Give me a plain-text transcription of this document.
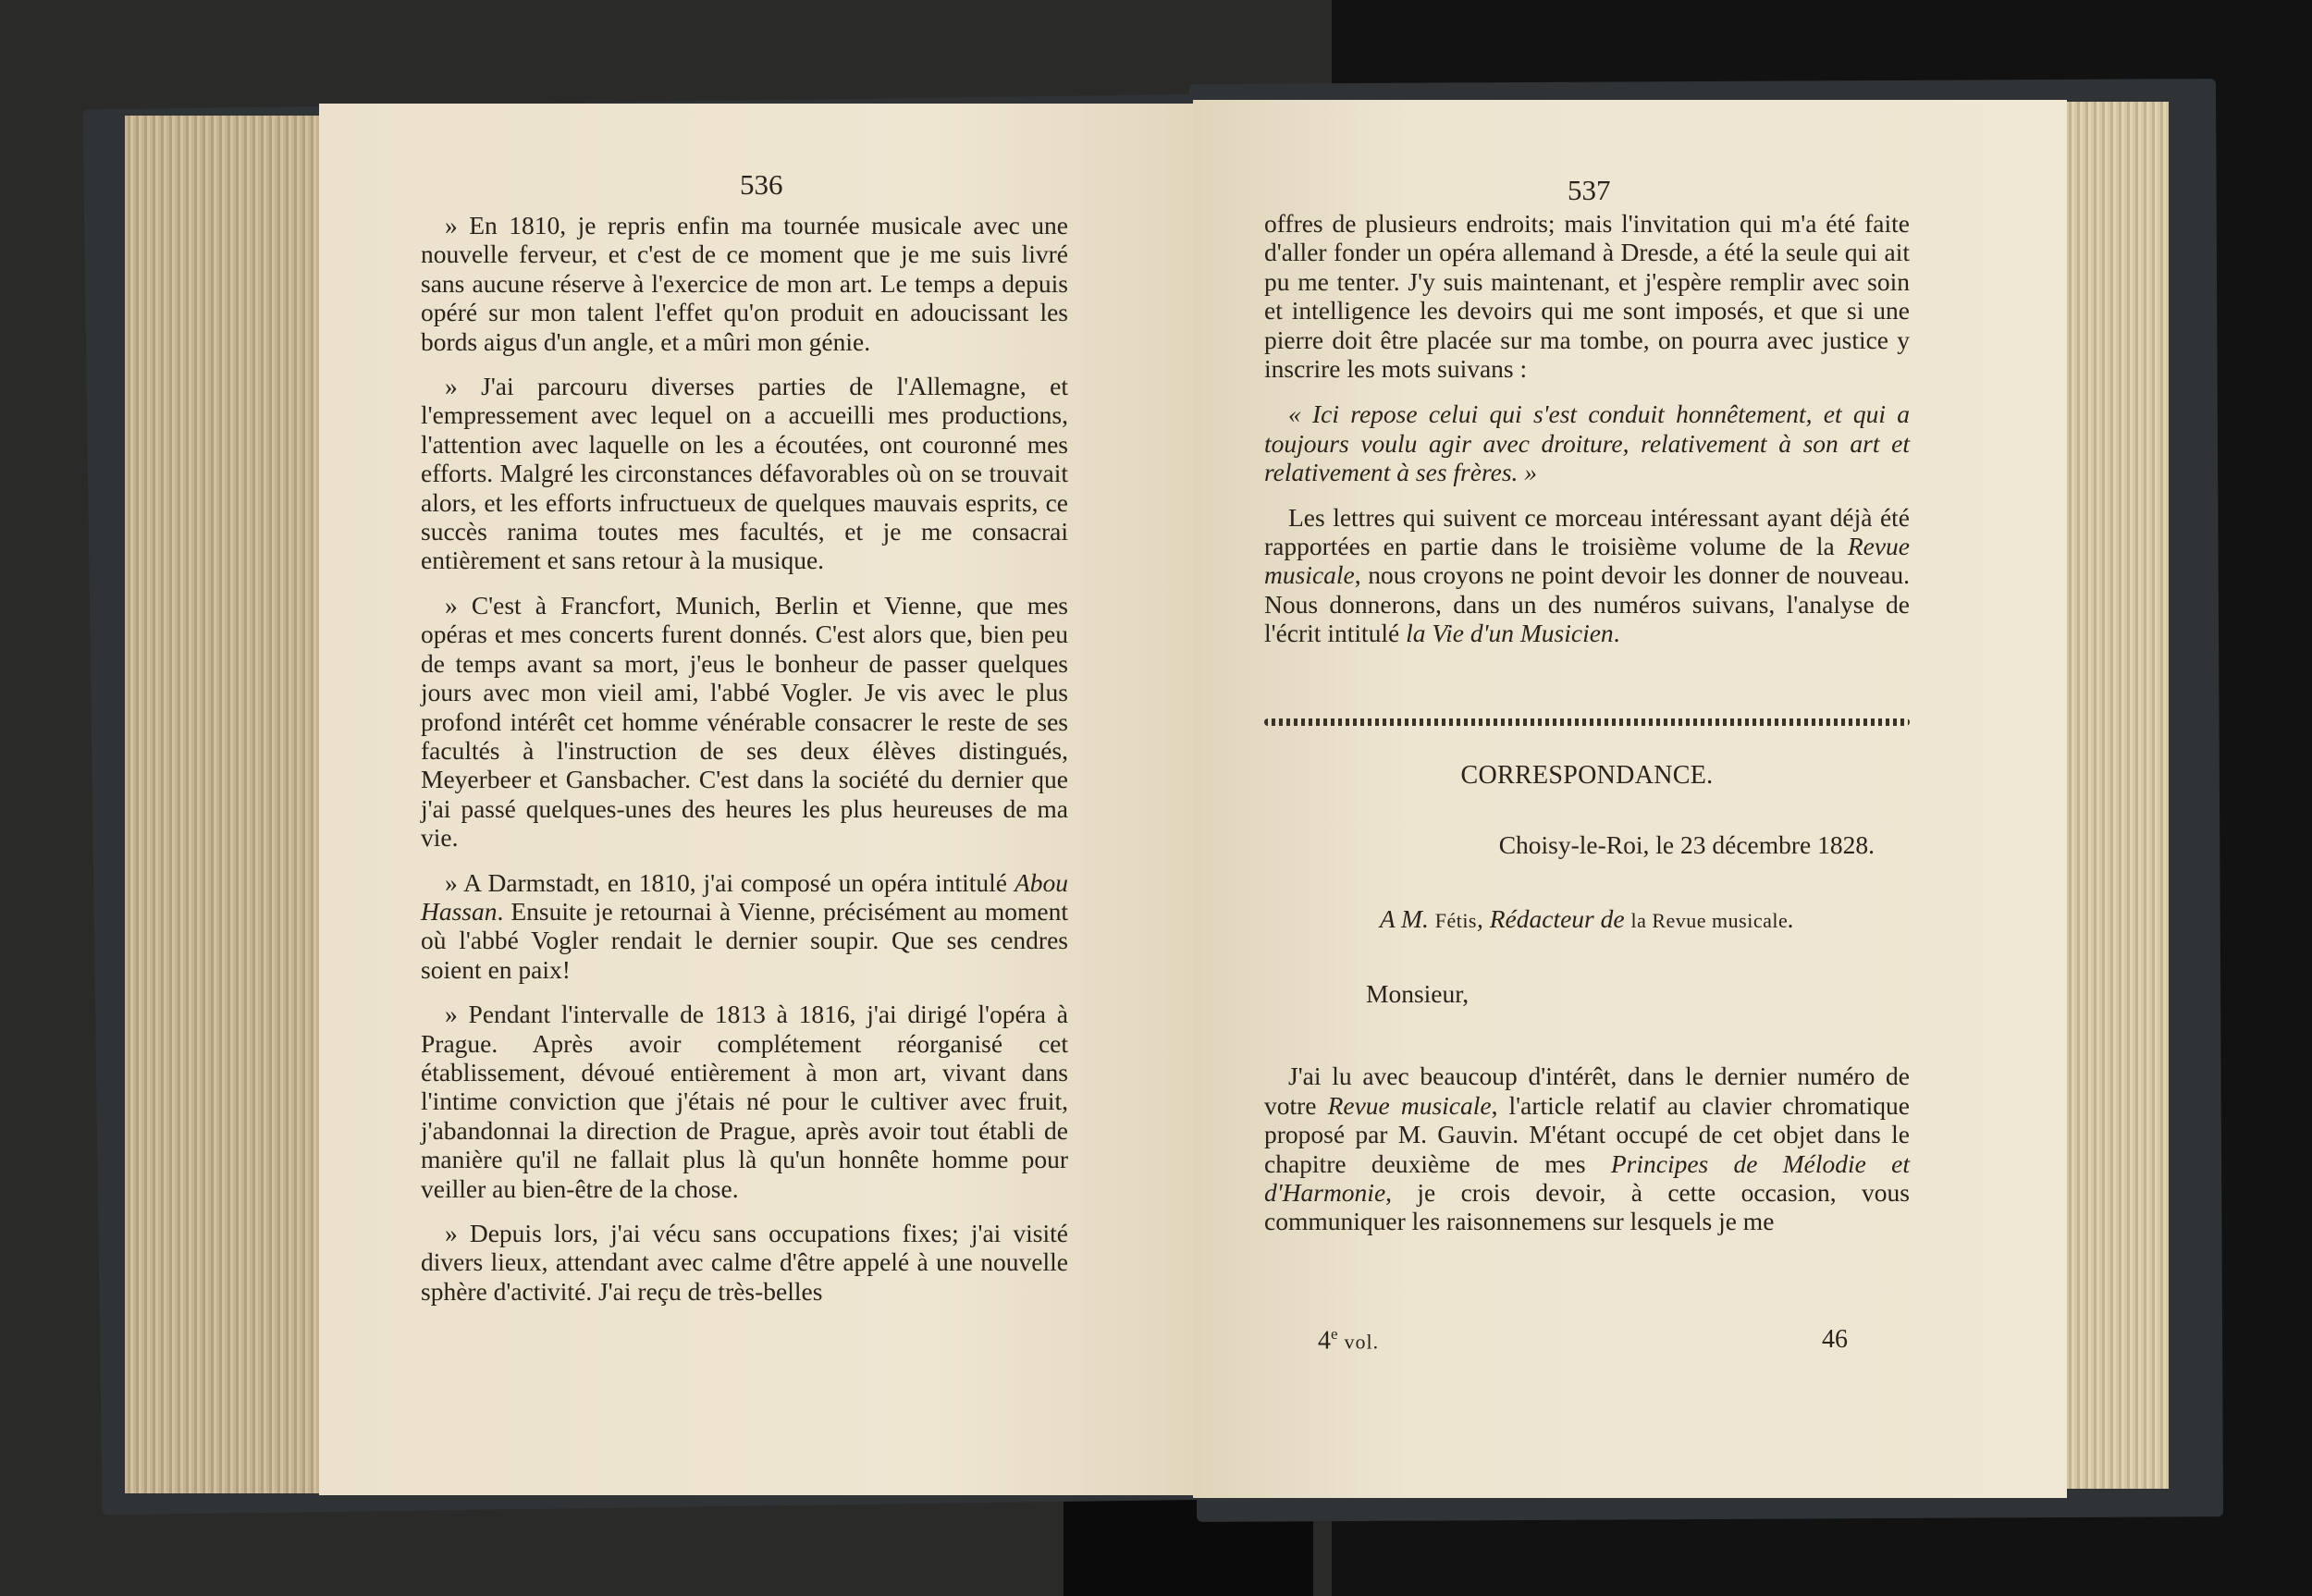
536

» En 1810, je repris enfin ma tournée musicale avec une nouvelle ferveur, et c'est de ce moment que je me suis livré sans aucune réserve à l'exercice de mon art. Le temps a depuis opéré sur mon talent l'effet qu'on produit en adoucissant les bords aigus d'un angle, et a mûri mon génie.

» J'ai parcouru diverses parties de l'Allemagne, et l'empressement avec lequel on a accueilli mes productions, l'attention avec laquelle on les a écoutées, ont couronné mes efforts. Malgré les circonstances défavorables où on se trouvait alors, et les efforts infructueux de quelques mauvais esprits, ce succès ranima toutes mes facultés, et je me consacrai entièrement et sans retour à la musique.

» C'est à Francfort, Munich, Berlin et Vienne, que mes opéras et mes concerts furent donnés. C'est alors que, bien peu de temps avant sa mort, j'eus le bonheur de passer quelques jours avec mon vieil ami, l'abbé Vogler. Je vis avec le plus profond intérêt cet homme vénérable consacrer le reste de ses facultés à l'instruction de ses deux élèves distingués, Meyerbeer et Gansbacher. C'est dans la société du dernier que j'ai passé quelques-unes des heures les plus heureuses de ma vie.

» A Darmstadt, en 1810, j'ai composé un opéra intitulé Abou Hassan. Ensuite je retournai à Vienne, précisément au moment où l'abbé Vogler rendait le dernier soupir. Que ses cendres soient en paix!

» Pendant l'intervalle de 1813 à 1816, j'ai dirigé l'opéra à Prague. Après avoir complétement réorganisé cet établissement, dévoué entièrement à mon art, vivant dans l'intime conviction que j'étais né pour le cultiver avec fruit, j'abandonnai la direction de Prague, après avoir tout établi de manière qu'il ne fallait plus là qu'un honnête homme pour veiller au bien-être de la chose.

» Depuis lors, j'ai vécu sans occupations fixes; j'ai visité divers lieux, attendant avec calme d'être appelé à une nouvelle sphère d'activité. J'ai reçu de très-belles

537

offres de plusieurs endroits; mais l'invitation qui m'a été faite d'aller fonder un opéra allemand à Dresde, a été la seule qui ait pu me tenter. J'y suis maintenant, et j'espère remplir avec soin et intelligence les devoirs qui me sont imposés, et que si une pierre doit être placée sur ma tombe, on pourra avec justice y inscrire les mots suivans :

« Ici repose celui qui s'est conduit honnêtement, et qui a toujours voulu agir avec droiture, relativement à son art et relativement à ses frères. »

Les lettres qui suivent ce morceau intéressant ayant déjà été rapportées en partie dans le troisième volume de la Revue musicale, nous croyons ne point devoir les donner de nouveau. Nous donnerons, dans un des numéros suivans, l'analyse de l'écrit intitulé la Vie d'un Musicien.

CORRESPONDANCE.

Choisy-le-Roi, le 23 décembre 1828.

A M. Fétis, Rédacteur de la Revue musicale.

Monsieur,

J'ai lu avec beaucoup d'intérêt, dans le dernier numéro de votre Revue musicale, l'article relatif au clavier chromatique proposé par M. Gauvin. M'étant occupé de cet objet dans le chapitre deuxième de mes Principes de Mélodie et d'Harmonie, je crois devoir, à cette occasion, vous communiquer les raisonnemens sur lesquels je me

4e vol.	46
